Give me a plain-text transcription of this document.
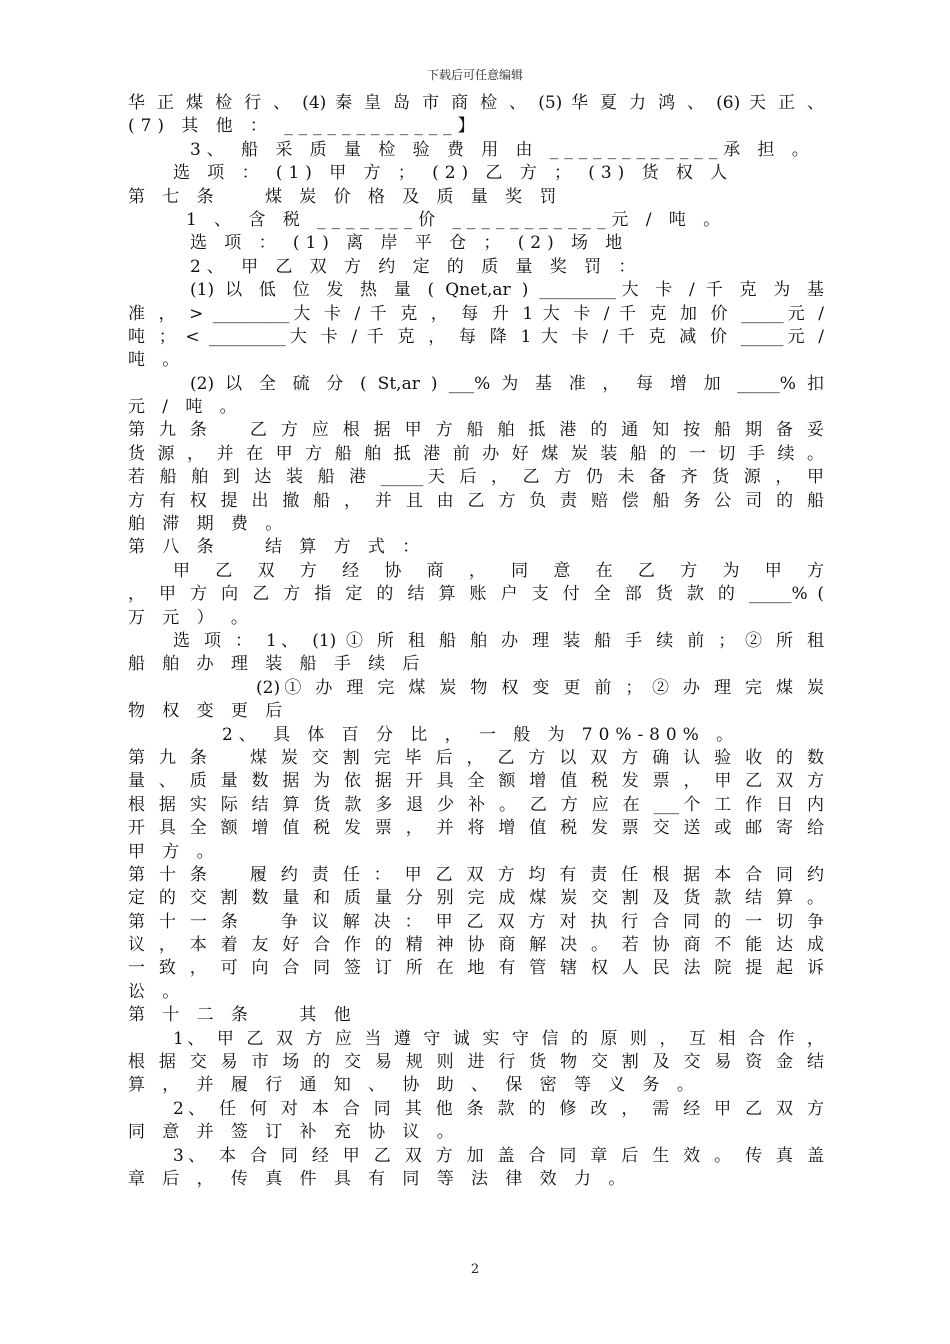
下载后可任意编辑
华 正 煤 检 行 、 (4) 秦 皇 岛 市 商 检 、 (5) 华 夏 力 鸿 、 (6) 天 正 、
(7) 其 他 ： ____________】
3、 船 采 质 量 检 验 费 用 由 ____________承 担 。
选 项 ： (1) 甲 方 ； (2) 乙 方 ； (3) 货 权 人
第 七 条    煤 炭 价 格 及 质 量 奖 罚
1 、 含 税 _______价 ___________元 / 吨 。
选 项 ： (1) 离 岸 平 仓 ； (2) 场 地
2、 甲 乙 双 方 约 定 的 质 量 奖 罚 ：
(1) 以 低 位 发 热 量 ( Qnet,ar ) _________大 卡 / 千 克 为 基
准 ， > _________大 卡 / 千 克 ， 每 升 1 大 卡 / 千 克 加 价 _____元 /
吨 ； < _________大 卡 / 千 克 ， 每 降 1 大 卡 / 千 克 减 价 _____元 /
吨 。
(2) 以 全 硫 分 ( St,ar ) ___% 为 基 准 ， 每 增 加 _____% 扣
元 / 吨 。
第 九 条    乙 方 应 根 据 甲 方 船 舶 抵 港 的 通 知 按 船 期 备 妥
货 源 ， 并 在 甲 方 船 舶 抵 港 前 办 好 煤 炭 装 船 的 一 切 手 续 。
若 船 舶 到 达 装 船 港 _____天 后 ， 乙 方 仍 未 备 齐 货 源 ， 甲
方 有 权 提 出 撤 船 ， 并 且 由 乙 方 负 责 赔 偿 船 务 公 司 的 船
舶 滞 期 费 。
第 八 条    结 算 方 式 ：
甲 乙 双 方 经 协 商 ， 同 意 在 乙 方 为 甲 方
， 甲 方 向 乙 方 指 定 的 结 算 账 户 支 付 全 部 货 款 的 _____% (
万 元 ） 。
选 项 ： 1、 (1) ① 所 租 船 舶 办 理 装 船 手 续 前 ； ② 所 租
船 舶 办 理 装 船 手 续 后
(2)① 办 理 完 煤 炭 物 权 变 更 前 ； ② 办 理 完 煤 炭
物 权 变 更 后
2、 具 体 百 分 比 ， 一 般 为 70%-80% 。
第 九 条    煤 炭 交 割 完 毕 后 ， 乙 方 以 双 方 确 认 验 收 的 数
量 、 质 量 数 据 为 依 据 开 具 全 额 增 值 税 发 票 ， 甲 乙 双 方
根 据 实 际 结 算 货 款 多 退 少 补 。 乙 方 应 在 ___个 工 作 日 内
开 具 全 额 增 值 税 发 票 ， 并 将 增 值 税 发 票 交 送 或 邮 寄 给
甲 方 。
第 十 条    履 约 责 任 ： 甲 乙 双 方 均 有 责 任 根 据 本 合 同 约
定 的 交 割 数 量 和 质 量 分 别 完 成 煤 炭 交 割 及 货 款 结 算 。
第 十 一 条    争 议 解 决 ： 甲 乙 双 方 对 执 行 合 同 的 一 切 争
议 ， 本 着 友 好 合 作 的 精 神 协 商 解 决 。 若 协 商 不 能 达 成
一 致 ， 可 向 合 同 签 订 所 在 地 有 管 辖 权 人 民 法 院 提 起 诉
讼 。
第 十 二 条    其 他
1、 甲 乙 双 方 应 当 遵 守 诚 实 守 信 的 原 则 ， 互 相 合 作 ，
根 据 交 易 市 场 的 交 易 规 则 进 行 货 物 交 割 及 交 易 资 金 结
算 ， 并 履 行 通 知 、 协 助 、 保 密 等 义 务 。
2、 任 何 对 本 合 同 其 他 条 款 的 修 改 ， 需 经 甲 乙 双 方
同 意 并 签 订 补 充 协 议 。
3、 本 合 同 经 甲 乙 双 方 加 盖 合 同 章 后 生 效 。 传 真 盖
章 后 ， 传 真 件 具 有 同 等 法 律 效 力 。
2
